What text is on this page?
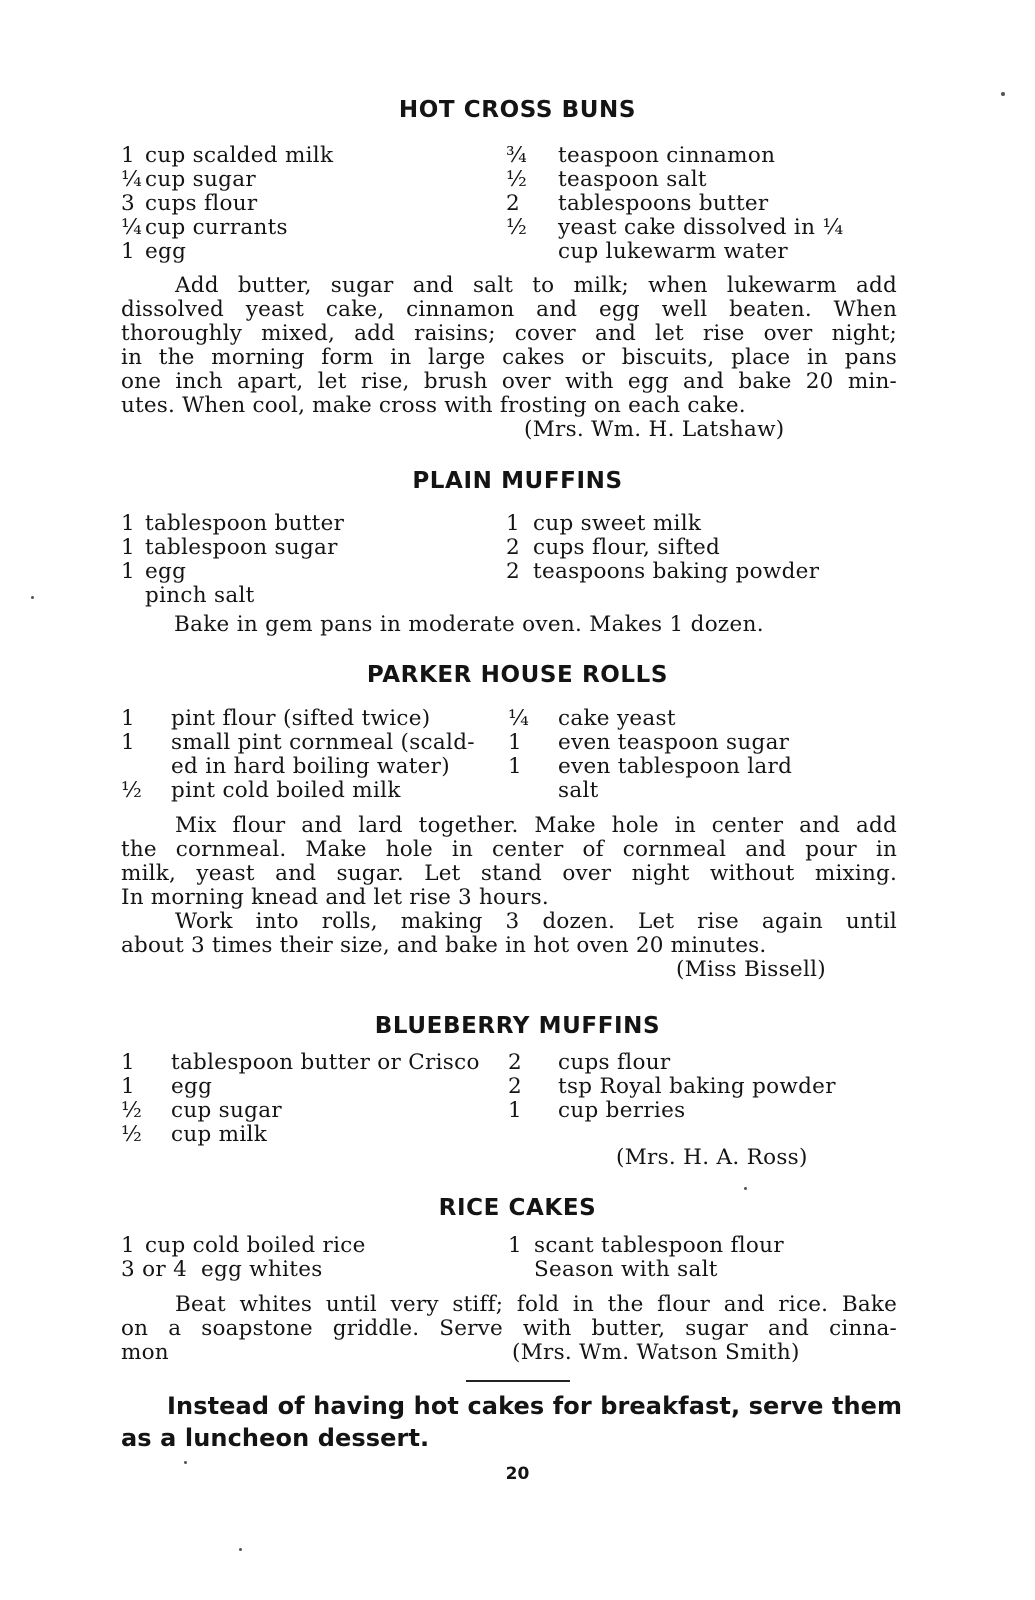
HOT CROSS BUNS
1 cup scalded milk
¼ cup sugar
3 cups flour
¼ cup currants
1 egg
¾ teaspoon cinnamon
½ teaspoon salt
2 tablespoons butter
½ yeast cake dissolved in ¼
cup lukewarm water
Add butter, sugar and salt to milk; when lukewarm add
dissolved yeast cake, cinnamon and egg well beaten. When
thoroughly mixed, add raisins; cover and let rise over night;
in the morning form in large cakes or biscuits, place in pans
one inch apart, let rise, brush over with egg and bake 20 min-
utes. When cool, make cross with frosting on each cake.
(Mrs. Wm. H. Latshaw)
PLAIN MUFFINS
1 tablespoon butter
1 tablespoon sugar
1 egg
pinch salt
1 cup sweet milk
2 cups flour, sifted
2 teaspoons baking powder
Bake in gem pans in moderate oven. Makes 1 dozen.
PARKER HOUSE ROLLS
1 pint flour (sifted twice)
1 small pint cornmeal (scald-
ed in hard boiling water)
½ pint cold boiled milk
¼ cake yeast
1 even teaspoon sugar
1 even tablespoon lard
salt
Mix flour and lard together. Make hole in center and add
the cornmeal. Make hole in center of cornmeal and pour in
milk, yeast and sugar. Let stand over night without mixing.
In morning knead and let rise 3 hours.
Work into rolls, making 3 dozen. Let rise again until
about 3 times their size, and bake in hot oven 20 minutes.
(Miss Bissell)
BLUEBERRY MUFFINS
1 tablespoon butter or Crisco
1 egg
½ cup sugar
½ cup milk
2 cups flour
2 tsp Royal baking powder
1 cup berries
(Mrs. H. A. Ross)
RICE CAKES
1 cup cold boiled rice
3 or 4 egg whites
1 scant tablespoon flour
Season with salt
Beat whites until very stiff; fold in the flour and rice. Bake
on a soapstone griddle. Serve with butter, sugar and cinna-
mon	(Mrs. Wm. Watson Smith)
Instead of having hot cakes for breakfast, serve them
as a luncheon dessert.
20
